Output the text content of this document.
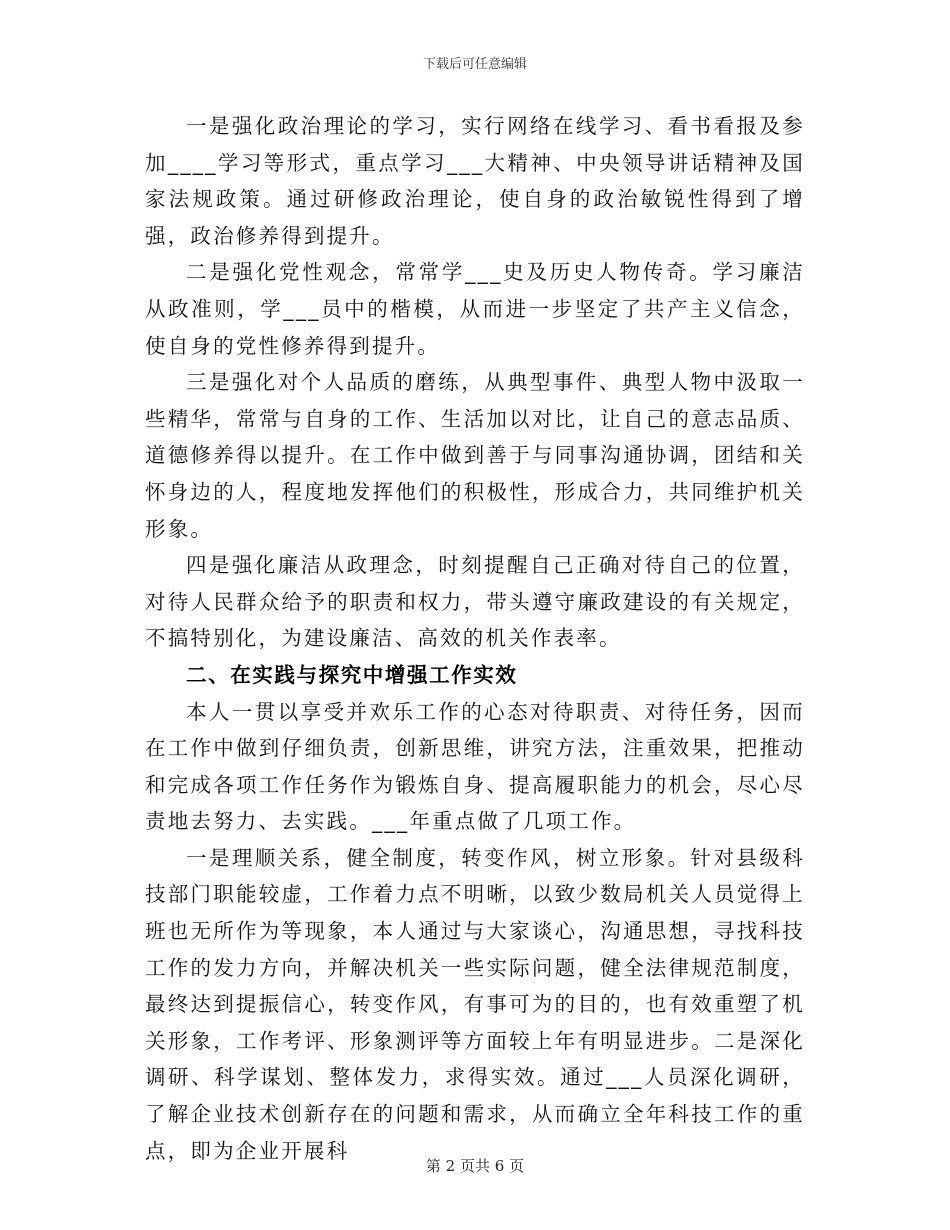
下载后可任意编辑

一是强化政治理论的学习，实行网络在线学习、看书看报及参加____学习等形式，重点学习___大精神、中央领导讲话精神及国家法规政策。通过研修政治理论，使自身的政治敏锐性得到了增强，政治修养得到提升。

二是强化党性观念，常常学___史及历史人物传奇。学习廉洁从政准则，学___员中的楷模，从而进一步坚定了共产主义信念，使自身的党性修养得到提升。

三是强化对个人品质的磨练，从典型事件、典型人物中汲取一些精华，常常与自身的工作、生活加以对比，让自己的意志品质、道德修养得以提升。在工作中做到善于与同事沟通协调，团结和关怀身边的人，程度地发挥他们的积极性，形成合力，共同维护机关形象。

四是强化廉洁从政理念，时刻提醒自己正确对待自己的位置，对待人民群众给予的职责和权力，带头遵守廉政建设的有关规定，不搞特别化，为建设廉洁、高效的机关作表率。

二、在实践与探究中增强工作实效

本人一贯以享受并欢乐工作的心态对待职责、对待任务，因而在工作中做到仔细负责，创新思维，讲究方法，注重效果，把推动和完成各项工作任务作为锻炼自身、提高履职能力的机会，尽心尽责地去努力、去实践。___年重点做了几项工作。

一是理顺关系，健全制度，转变作风，树立形象。针对县级科技部门职能较虚，工作着力点不明晰，以致少数局机关人员觉得上班也无所作为等现象，本人通过与大家谈心，沟通思想，寻找科技工作的发力方向，并解决机关一些实际问题，健全法律规范制度，最终达到提振信心，转变作风，有事可为的目的，也有效重塑了机关形象，工作考评、形象测评等方面较上年有明显进步。二是深化调研、科学谋划、整体发力，求得实效。通过___人员深化调研，了解企业技术创新存在的问题和需求，从而确立全年科技工作的重点，即为企业开展科

第 2 页共 6 页
